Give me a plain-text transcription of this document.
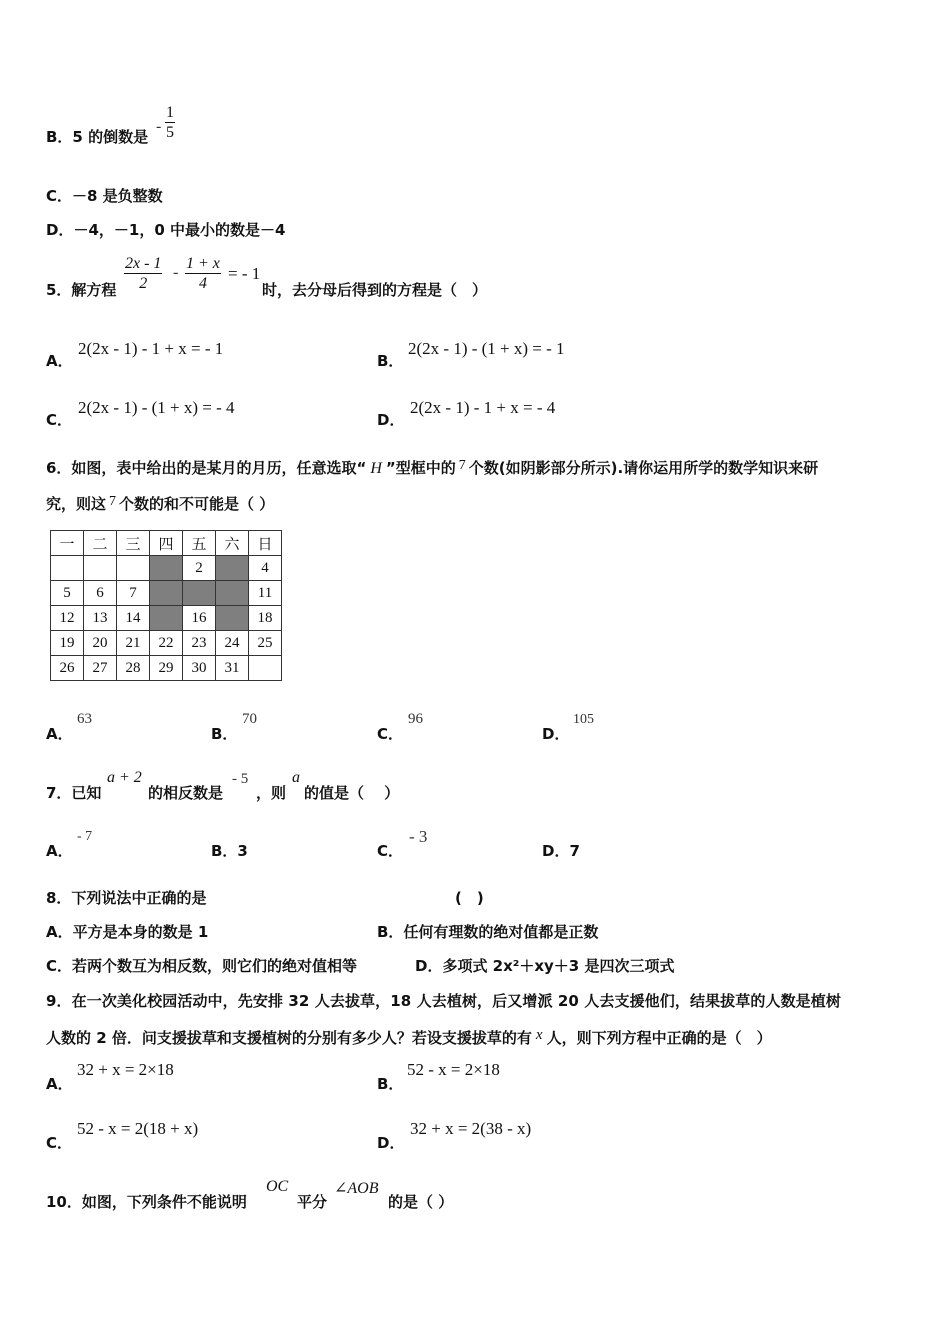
B．5 的倒数是
- $\frac{1}{5}$
C．－8 是负整数
D．－4，－1，0 中最小的数是－4
5．解方程 $\frac{2x - 1}{2} - \frac{1 + x}{4}$ = - 1
时，去分母后得到的方程是（　）
A．
2(2x - 1) - 1 + x = - 1
B．
2(2x - 1) - (1 + x) = - 1
C．
2(2x - 1) - (1 + x) = - 4
D．
2(2x - 1) - 1 + x = - 4
6．如图，表中给出的是某月的月历，任意选取“ H ”型框中的 7 个数(如阴影部分所示).请你运用所学的数学知识来研
究，则这 7 个数的和不可能是（ ）
一	二	三	四	五	六	日
				2		4
5	6	7				11
12	13	14		16		18
19	20	21	22	23	24	25
26	27	28	29	30	31	
A．
63
B．
70
C．
96
D．
105
7．已知
a + 2
的相反数是
- 5
，则
a
的值是（　 ）
A．
- 7
B．3	C．
- 3
D．7
8．下列说法中正确的是	(　)
A．平方是本身的数是 1	B．任何有理数的绝对值都是正数
C．若两个数互为相反数，则它们的绝对值相等	D．多项式 2x²＋xy＋3 是四次三项式
9．在一次美化校园活动中，先安排 32 人去拔草，18 人去植树，后又增派 20 人去支援他们，结果拔草的人数是植树
人数的 2 倍．问支援拔草和支援植树的分别有多少人？若设支援拔草的有 x 人，则下列方程中正确的是（　）
A．
32 + x = 2×18
B．
52 - x = 2×18
C．
52 - x = 2(18 + x)
D．
32 + x = 2(38 - x)
10．如图，下列条件不能说明
OC
平分
∠AOB
的是（ ）
